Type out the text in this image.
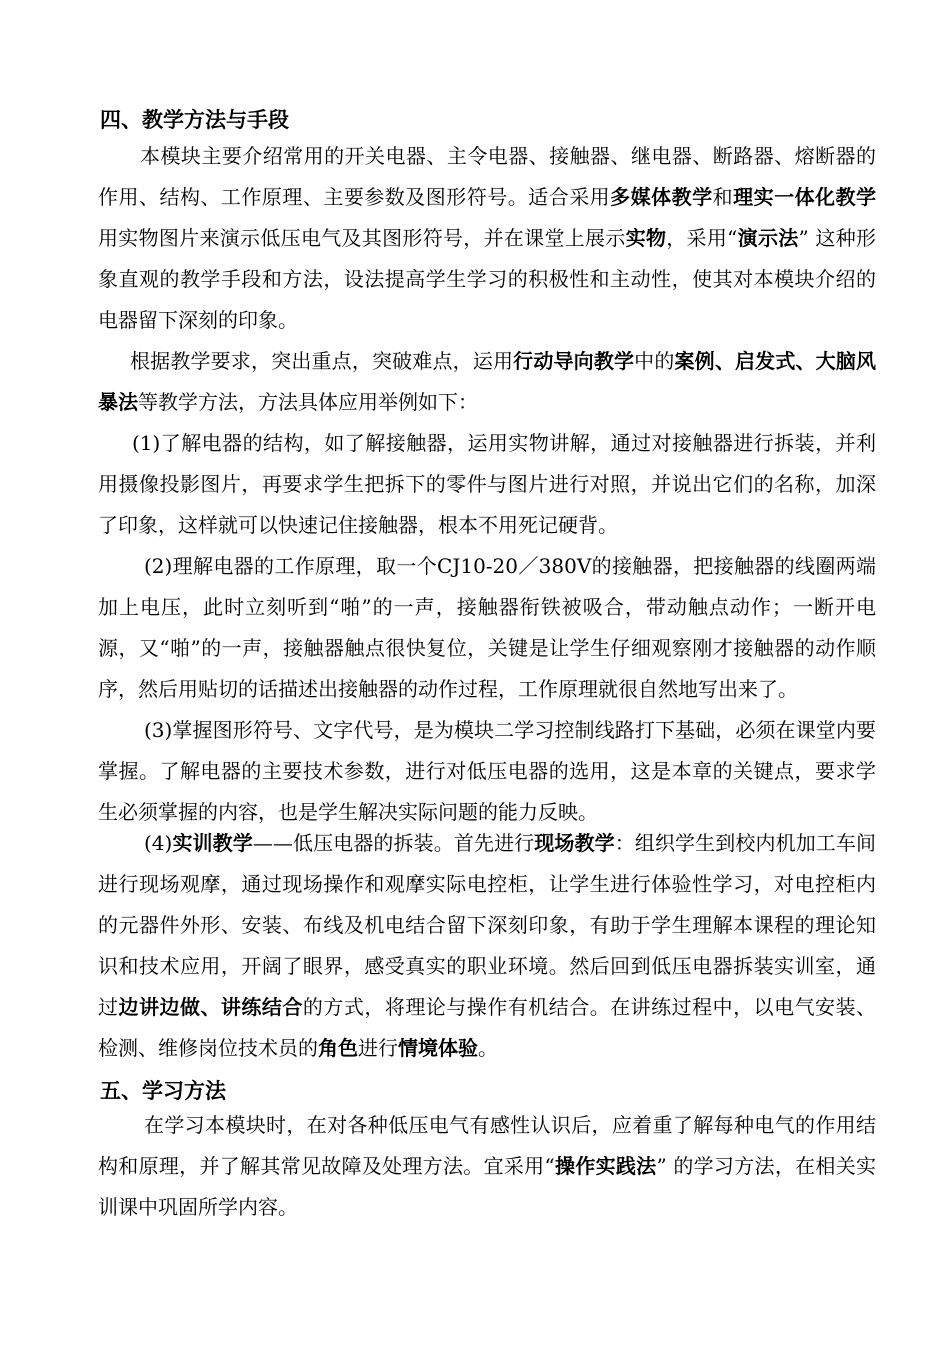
四、教学方法与手段
本模块主要介绍常用的开关电器、主令电器、接触器、继电器、断路器、熔断器的作用、结构、工作原理、主要参数及图形符号。适合采用多媒体教学和理实一体化教学用实物图片来演示低压电气及其图形符号，并在课堂上展示实物，采用“演示法” 这种形象直观的教学手段和方法，设法提高学生学习的积极性和主动性，使其对本模块介绍的电器留下深刻的印象。
根据教学要求，突出重点，突破难点，运用行动导向教学中的案例、启发式、大脑风暴法等教学方法，方法具体应用举例如下：
(1)了解电器的结构，如了解接触器，运用实物讲解，通过对接触器进行拆装，并利用摄像投影图片，再要求学生把拆下的零件与图片进行对照，并说出它们的名称，加深了印象，这样就可以快速记住接触器，根本不用死记硬背。
(2)理解电器的工作原理，取一个CJ10-20／380V的接触器，把接触器的线圈两端加上电压，此时立刻听到“啪”的一声，接触器衔铁被吸合，带动触点动作；一断开电源，又“啪”的一声，接触器触点很快复位，关键是让学生仔细观察刚才接触器的动作顺序，然后用贴切的话描述出接触器的动作过程，工作原理就很自然地写出来了。
(3)掌握图形符号、文字代号，是为模块二学习控制线路打下基础，必须在课堂内要掌握。了解电器的主要技术参数，进行对低压电器的选用，这是本章的关键点，要求学生必须掌握的内容，也是学生解决实际问题的能力反映。
(4)实训教学——低压电器的拆装。首先进行现场教学：组织学生到校内机加工车间进行现场观摩，通过现场操作和观摩实际电控柜，让学生进行体验性学习，对电控柜内的元器件外形、安装、布线及机电结合留下深刻印象，有助于学生理解本课程的理论知识和技术应用，开阔了眼界，感受真实的职业环境。然后回到低压电器拆装实训室，通过边讲边做、讲练结合的方式，将理论与操作有机结合。在讲练过程中，以电气安装、检测、维修岗位技术员的角色进行情境体验。
五、学习方法
在学习本模块时，在对各种低压电气有感性认识后，应着重了解每种电气的作用结构和原理，并了解其常见故障及处理方法。宜采用“操作实践法” 的学习方法，在相关实训课中巩固所学内容。
